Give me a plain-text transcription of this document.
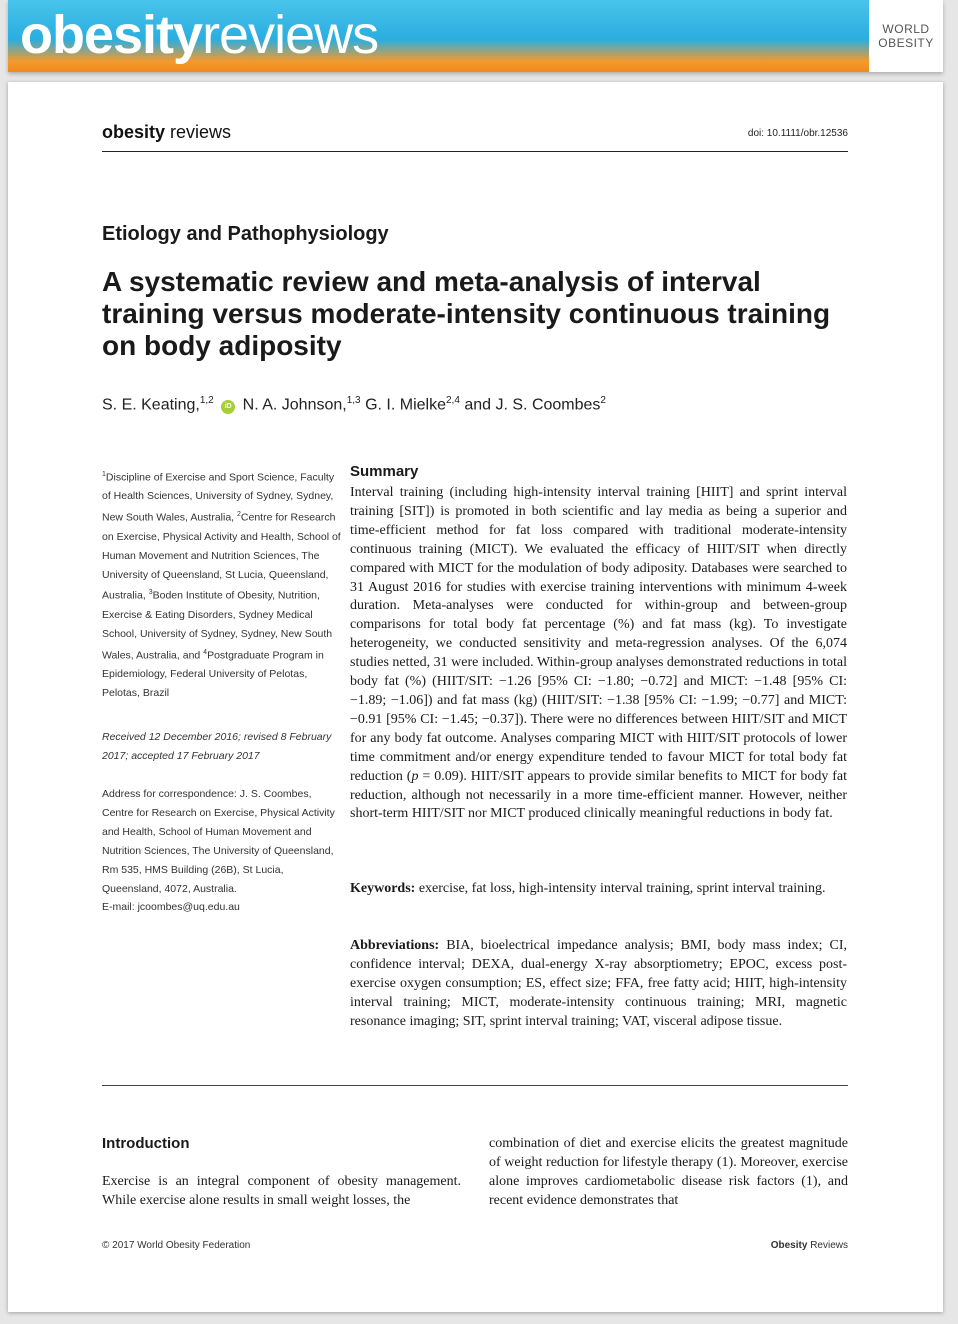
obesityreviews	WORLD
OBESITY
obesity reviews	doi: 10.1111/obr.12536
Etiology and Pathophysiology
A systematic review and meta-analysis of interval training versus moderate-intensity continuous training on body adiposity
S. E. Keating,$^{1,2}$ iD N. A. Johnson,$^{1,3}$ G. I. Mielke$^{2,4}$ and J. S. Coombes$^2$
$^1$Discipline of Exercise and Sport Science, Faculty of Health Sciences, University of Sydney, Sydney, New South Wales, Australia, $^2$Centre for Research on Exercise, Physical Activity and Health, School of Human Movement and Nutrition Sciences, The University of Queensland, St Lucia, Queensland, Australia, $^3$Boden Institute of Obesity, Nutrition, Exercise & Eating Disorders, Sydney Medical School, University of Sydney, Sydney, New South Wales, Australia, and $^4$Postgraduate Program in Epidemiology, Federal University of Pelotas, Pelotas, Brazil
Received 12 December 2016; revised 8 February 2017; accepted 17 February 2017
Address for correspondence: J. S. Coombes, Centre for Research on Exercise, Physical Activity and Health, School of Human Movement and Nutrition Sciences, The University of Queensland, Rm 535, HMS Building (26B), St Lucia, Queensland, 4072, Australia.
E-mail: jcoombes@uq.edu.au
Summary
Interval training (including high-intensity interval training [HIIT] and sprint interval training [SIT]) is promoted in both scientific and lay media as being a superior and time-efficient method for fat loss compared with traditional moderate-intensity continuous training (MICT). We evaluated the efficacy of HIIT/SIT when directly compared with MICT for the modulation of body adiposity. Databases were searched to 31 August 2016 for studies with exercise training interventions with minimum 4-week duration. Meta-analyses were conducted for within-group and between-group comparisons for total body fat percentage (%) and fat mass (kg). To investigate heterogeneity, we conducted sensitivity and meta-regression analyses. Of the 6,074 studies netted, 31 were included. Within-group analyses demonstrated reductions in total body fat (%) (HIIT/SIT: −1.26 [95% CI: −1.80; −0.72] and MICT: −1.48 [95% CI: −1.89; −1.06]) and fat mass (kg) (HIIT/SIT: −1.38 [95% CI: −1.99; −0.77] and MICT: −0.91 [95% CI: −1.45; −0.37]). There were no differences between HIIT/SIT and MICT for any body fat outcome. Analyses comparing MICT with HIIT/SIT protocols of lower time commitment and/or energy expenditure tended to favour MICT for total body fat reduction (p = 0.09). HIIT/SIT appears to provide similar benefits to MICT for body fat reduction, although not necessarily in a more time-efficient manner. However, neither short-term HIIT/SIT nor MICT produced clinically meaningful reductions in body fat.
Keywords: exercise, fat loss, high-intensity interval training, sprint interval training.
Abbreviations: BIA, bioelectrical impedance analysis; BMI, body mass index; CI, confidence interval; DEXA, dual-energy X-ray absorptiometry; EPOC, excess post-exercise oxygen consumption; ES, effect size; FFA, free fatty acid; HIIT, high-intensity interval training; MICT, moderate-intensity continuous training; MRI, magnetic resonance imaging; SIT, sprint interval training; VAT, visceral adipose tissue.
Introduction
Exercise is an integral component of obesity management. While exercise alone results in small weight losses, the
combination of diet and exercise elicits the greatest magnitude of weight reduction for lifestyle therapy (1). Moreover, exercise alone improves cardiometabolic disease risk factors (1), and recent evidence demonstrates that
© 2017 World Obesity Federation	Obesity Reviews
